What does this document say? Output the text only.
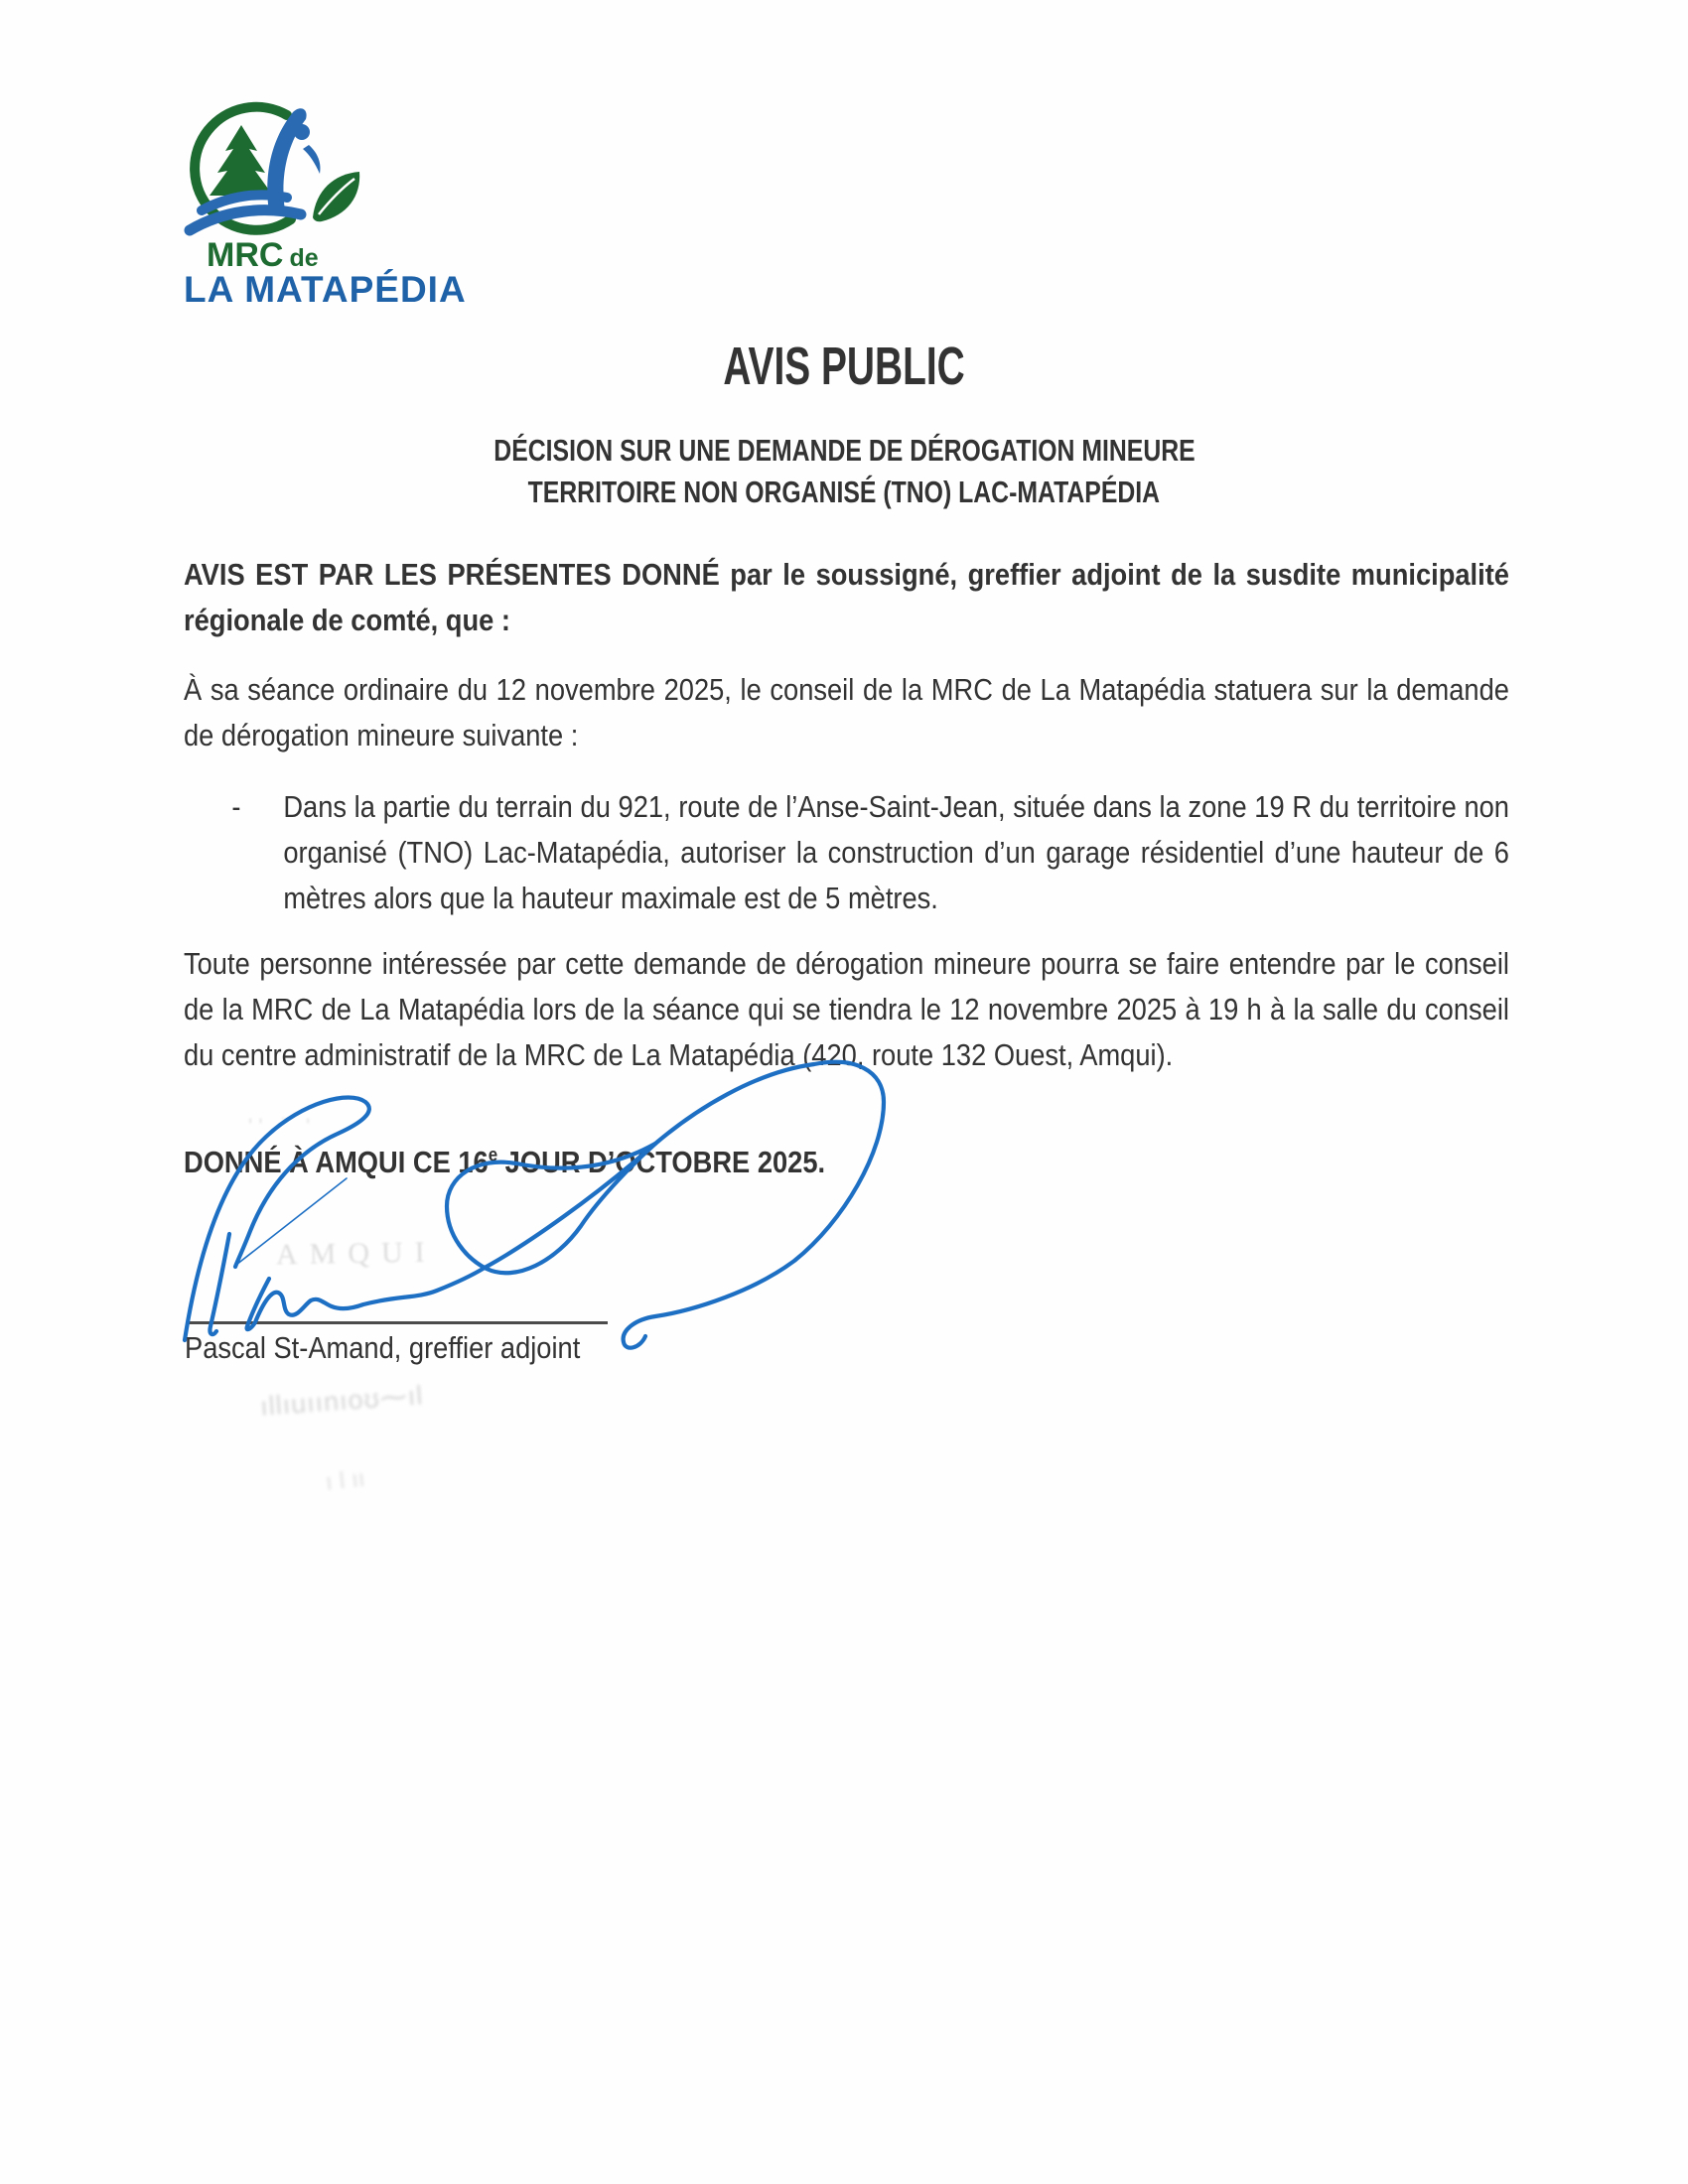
MRC de
LA MATAPÉDIA
AVIS PUBLIC
DÉCISION SUR UNE DEMANDE DE DÉROGATION MINEURE
TERRITOIRE NON ORGANISÉ (TNO) LAC-MATAPÉDIA
AVIS EST PAR LES PRÉSENTES DONNÉ par le soussigné, greffier adjoint de la susdite municipalité régionale de comté, que :
À sa séance ordinaire du 12 novembre 2025, le conseil de la MRC de La Matapédia statuera sur la demande de dérogation mineure suivante :
-	Dans la partie du terrain du 921, route de l’Anse-Saint-Jean, située dans la zone 19 R du territoire non organisé (TNO) Lac-Matapédia, autoriser la construction d’un garage résidentiel d’une hauteur de 6 mètres alors que la hauteur maximale est de 5 mètres.
Toute personne intéressée par cette demande de dérogation mineure pourra se faire entendre par le conseil de la MRC de La Matapédia lors de la séance qui se tiendra le 12 novembre 2025 à 19 h à la salle du conseil du centre administratif de la MRC de La Matapédia (420, route 132 Ouest, Amqui).
DONNÉ À AMQUI CE 16e JOUR D’OCTOBRE 2025.
ʹʹ ˙ ʹ
AMQUI
ıllıuıınıoʊ⁓ıl
ı ǀ ıı
Pascal St-Amand, greffier adjoint
